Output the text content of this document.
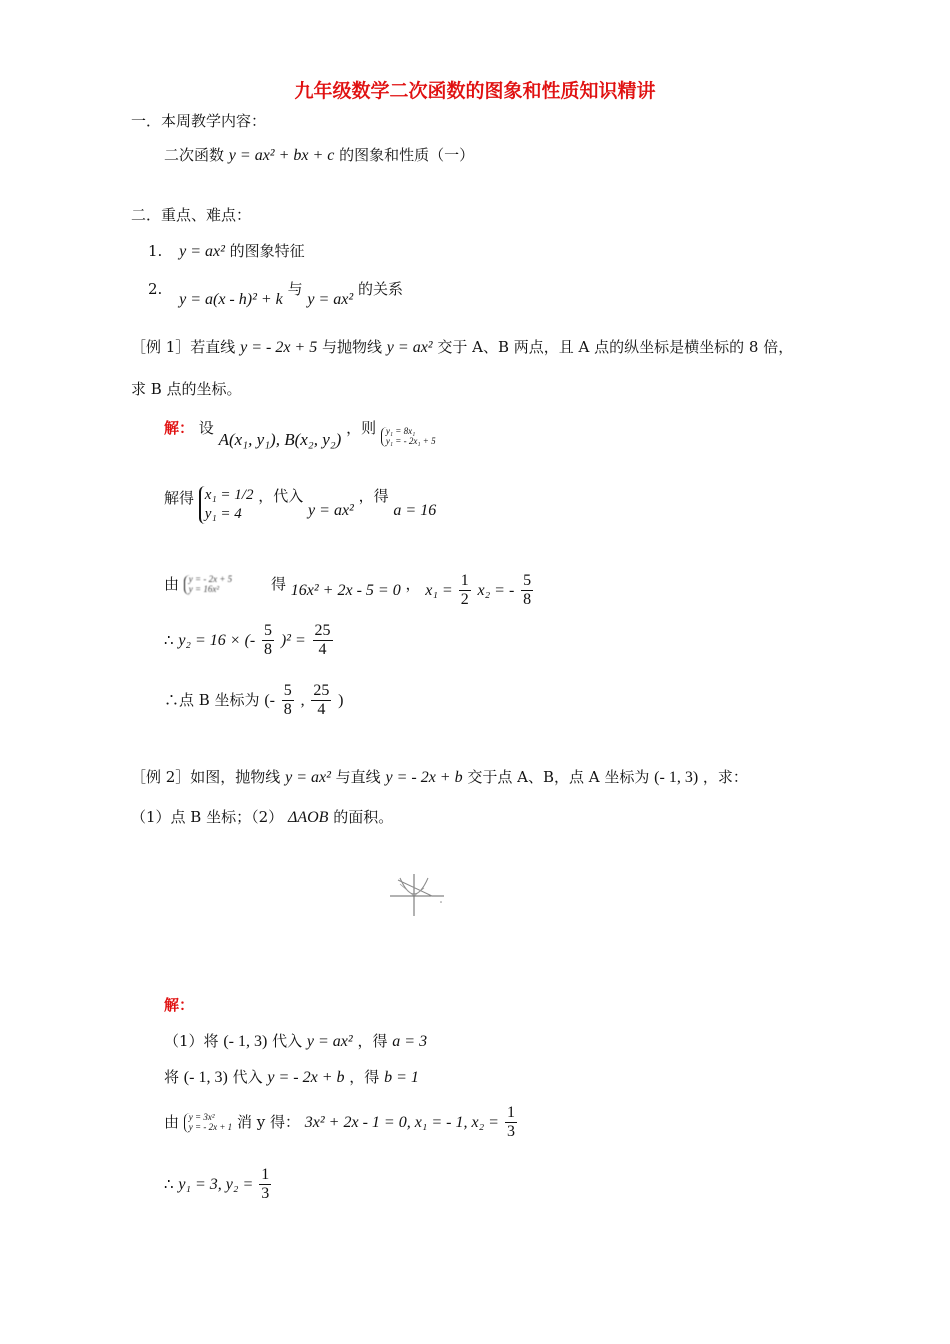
九年级数学二次函数的图象和性质知识精讲
一．本周教学内容：
二次函数 y = ax² + bx + c 的图象和性质（一）
二．重点、难点：
1. y = ax² 的图象特征
2. y = a(x - h)² + k 与 y = ax² 的关系
［例 1］若直线 y = - 2x + 5 与抛物线 y = ax² 交于 A、B 两点，且 A 点的纵坐标是横坐标的 8 倍，
求 B 点的坐标。
解： 设 A(x₁, y₁), B(x₂, y₂) ，则 y₁ = 8x₁
y₁ = - 2x₁ + 5
解得 x₁ = 1/2
y₁ = 4
，代入 y = ax² ，得 a = 16
由 y = - 2x + 5
y = 16x²	得 16x² + 2x - 5 = 0 ， $x_1 = \frac{1}{2} x_2$ = - $\frac{5}{8}$
∴ y₂ = 16 × (- $\frac{5}{8} )^2 = \frac{25}{4}$
∴点 B 坐标为 (- $\frac{5}{8}$ , $\frac{25}{4}$ )
［例 2］如图，抛物线 y = ax² 与直线 y = - 2x + b 交于点 A、B，点 A 坐标为 (- 1, 3) ，求：
（1）点 B 坐标；（2） ΔAOB 的面积。
解：
（1）将 (- 1, 3) 代入 y = ax² ，得 a = 3
将 (- 1, 3) 代入 y = - 2x + b ，得 b = 1
由 y = 3x²
y = - 2x + 1 消 y 得： 3x² + 2x - 1 = 0, x₁ = - 1, $x_2 = \frac{1}{3}$
∴ y₁ = 3, $y_2 = \frac{1}{3}$
